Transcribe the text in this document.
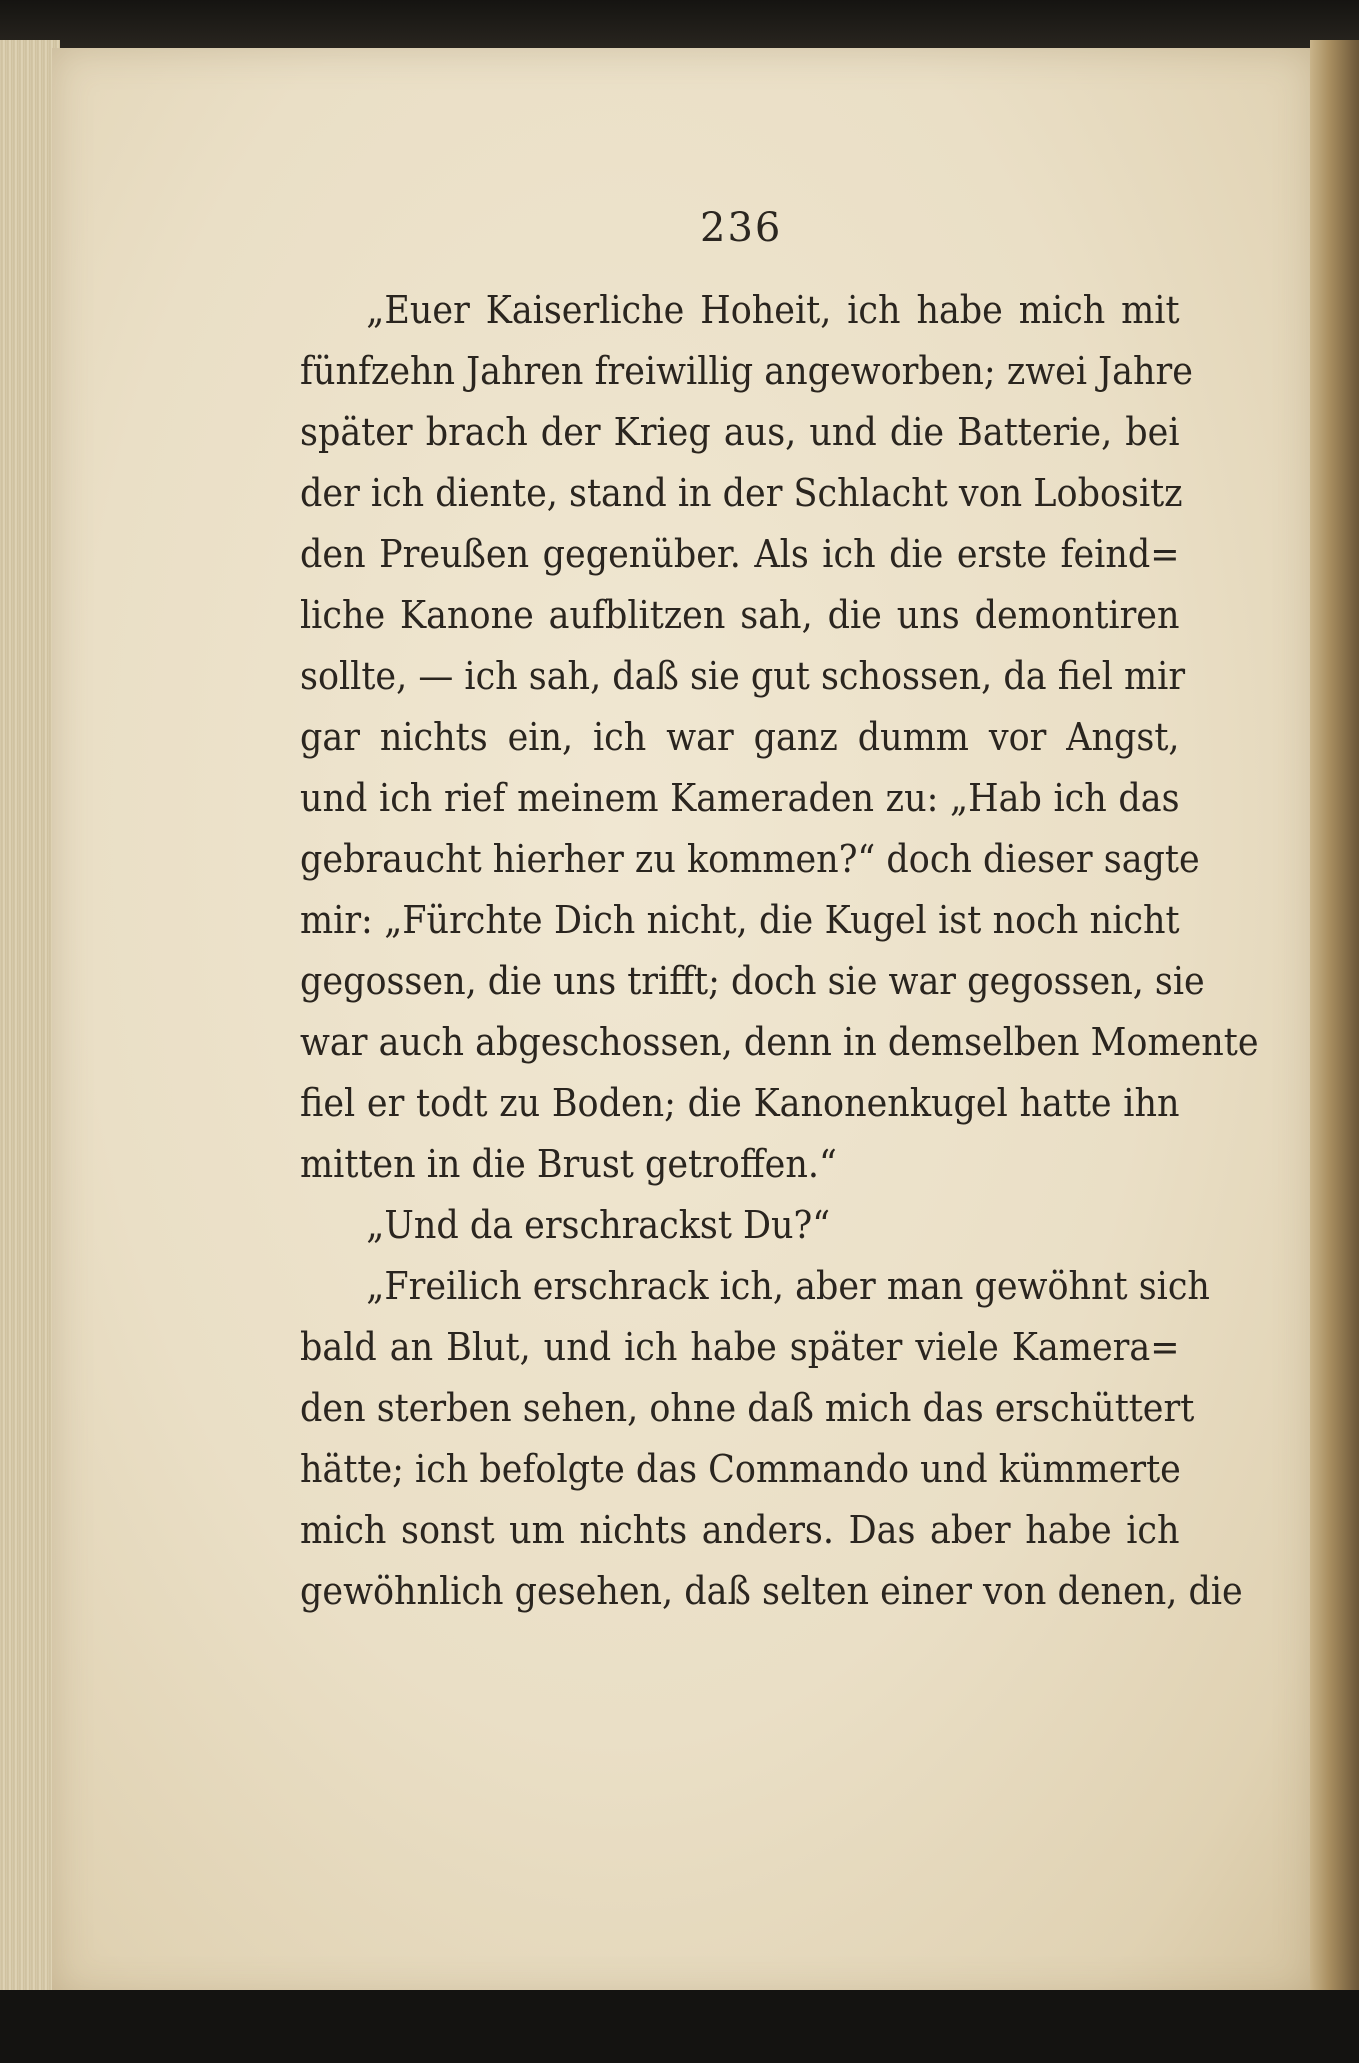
236
„Euer Kaiserliche Hoheit, ich habe mich mit
fünfzehn Jahren freiwillig angeworben; zwei Jahre
später brach der Krieg aus, und die Batterie, bei
der ich diente, stand in der Schlacht von Lobositz
den Preußen gegenüber. Als ich die erste feind=
liche Kanone aufblitzen sah, die uns demontiren
sollte, — ich sah, daß sie gut schossen, da fiel mir
gar nichts ein, ich war ganz dumm vor Angst,
und ich rief meinem Kameraden zu: „Hab ich das
gebraucht hierher zu kommen?“ doch dieser sagte
mir: „Fürchte Dich nicht, die Kugel ist noch nicht
gegossen, die uns trifft; doch sie war gegossen, sie
war auch abgeschossen, denn in demselben Momente
fiel er todt zu Boden; die Kanonenkugel hatte ihn
mitten in die Brust getroffen.“
„Und da erschrackst Du?“
„Freilich erschrack ich, aber man gewöhnt sich
bald an Blut, und ich habe später viele Kamera=
den sterben sehen, ohne daß mich das erschüttert
hätte; ich befolgte das Commando und kümmerte
mich sonst um nichts anders. Das aber habe ich
gewöhnlich gesehen, daß selten einer von denen, die
